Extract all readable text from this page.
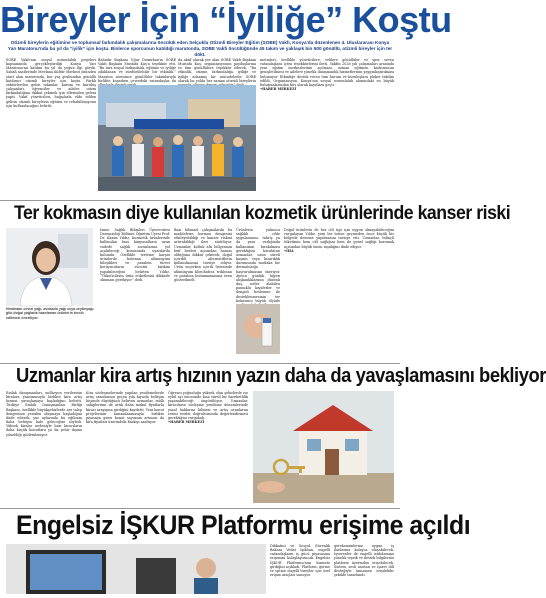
Bireyler İçin “İyiliğe” Koştu
Otizmli bireylerin eğitimine ve toplumsal farkındalık çalışmalarına öncülük eden Selçuklu Otizmli Bireyler Eğitim (SOBE) Vakfı, Konya'da düzenlenen 4. Uluslararası Konya Yarı Maratonu'nda bu yıl da “iyilik” için koştu. Binlerce sporcunun katıldığı maratonda, SOBE Vakfı öncülüğünde 45 takım ve yaklaşık bin 500 gönüllü, otizmli bireyler için ter dökt.
SOBE Vakfı'nın sosyal sorumluluk projeleri kapsamında gerçekleştirdiği Konya Yarı Maratonu'na katılım bu yıl da yoğun ilgi gördü. Sabah saatlerinde Mevlana Kültür Merkezi önünden start alan maratonda, her yaş grubundan gönüllü katılımcı otizmli bireyler için koştu. Farklı sektörlerden gelen takımlar, kurum ve kuruluş çalışanları, öğrenciler ve aileler otizm farkındalığına dikkat çekmek için ellerinden geleni yaptı. Vakıf yöneticileri, bağışlarla elde edilen gelirin otizmli bireylerin eğitimi ve rehabilitasyonu için kullanılacağını belirtti.
Bahadır Başkanı Uğur Demirkan'ın SOBE Vakfı Başkanı Mustafa Kuş'a teşekkür etti. “Bu tarz sosyal farkındalık, eğitime ve iyiliğe odaklanan ve sürdürülebilir bir etkinlik.” Maraton süresince gönüllüler takımlarıyla birlikte koşarken çevredeki vatandaşlar da
da aktif olarak yer alan SOBE Vakfı Başkanı Mustafa Kuş, organizasyonun paydaşlarına ve tüm gönüllülere teşekkür ederek, “Bu etkinlik, otizme, farkındalığa, iyiliğe ve iyiliğe adanmış bir mücadeledir. SOBE olarak bu yolda her zaman otizmli bireylerin
metinleri, özellikle yöneticilere, velilere gönüllüler ve spor seven vatandaşlara içten teşekkürlerini iletti. Vakfın 2026 yılı çalışmaları arasında yeni eğitim merkezlerinin açılması, uzman eğitmen kadrosunun genişletilmesi ve ailelere yönelik danışmanlık hizmetlerinin yaygınlaştırılması bulunuyor. Etkinliğe destek veren tüm kurum ve kuruluşlara plaket takdim edildi. Organizasyon, Konya'nın sosyal sorumluluk alanındaki en büyük buluşmalarından biri olarak kayıtlara geçti.
•HABER MERKEZİ
Ter kokmasın diye kullanılan kozmetik ürünlerinde kanser riski
Hindistan cevizi yağı, avokado yağı veya zeytinyağı gibi doğal yağlarla hazırlanan ürünlerin tercih edilmesi öneriliyor.
İzmir, Sağlık Bilimleri Üniversitesi Dermatoloji Bölümü Öğretim Üyesi Prof. Dr. Kazım Yıldız, kozmetik ürünlerinde kullanılan bazı kimyasalların uzun vadede sağlık sorunlarına yol açabileceği konusunda uyarılarda bulundu. Özellikle terleme karşıtı ürünlerde bulunan alüminyum bileşikleri ve paraben türevi koruyucuların vücutta birikim yapabileceğini belirten Yıldız, “Tüketicilerin ürün etiketlerini dikkatle okuması gerekiyor” dedi.
Bazı bilimsel çalışmalarda bu maddelerin hormon dengesini etkileyebildiği ve kanser riskini artırabildiği ileri sürülüyor. Uzmanlar, koltuk altı bölgesinin lenf bezleri açısından hassas olduğuna dikkat çekerek, doğal içerikli alternatiflerin kullanılmasını tavsiye ediyor. Ürün seçerken içerik listesinde alüminyum klorohidrat, triklosan ve paraben bulunmamasına özen gösterilmeli.
Ürünlerin yalnızca sağlıklı cilde uygulanması, tahriş ya da yara varlığında kullanımın bırakılması gerektiğini hatırlatan uzmanlar, uzun süreli kaşıntı veya kızarıklık durumunda mutlaka bir dermatoloğa başvurulmasını öneriyor. Ayrıca günlük hijyen alışkanlıklarının düzenli duş, nefes alabilen pamuklu kıyafetler ve dengeli beslenme ile desteklenmesinin ter kokusunu büyük ölçüde
Doğal ürünlerin de her cilt tipi için uygun olmayabileceğini vurgulayan Yıldız, yeni bir ürüne geçmeden önce küçük bir bölgede deneme yapılmasını tavsiye etti. Uzmanlar, bilinçli tüketimin hem cilt sağlığını hem de genel sağlığı korumak açısından büyük önem taşıdığını ifade ediyor.
•İHA
Uzmanlar kira artış hızının yazın daha da yavaşlamasını bekliyor
Emlak danışmanları, enflasyon verilerinin kiralara yansımasıyla birlikte kira artış hızının yavaşlamaya başladığını belirtti. Türkiye Emlak Danışmanları Birliği Başkanı, özellikle büyükşehirlerde arz talep dengesinin yeniden oluşmaya başladığını ifade ederek, yaz aylarında bu eğilimin daha belirgin hale geleceğini söyledi. Yüksek kiralar nedeniyle bazı kiracıların daha küçük konutlara ya da şehir dışına yöneldiği gözlemleniyor.
Kira sözleşmelerinde yapılan yenilemelerde artış oranlarının geçen yıla kıyasla belirgin biçimde düştüğünü belirten uzmanlar, mülk sahiplerinin de artık daha makul fiyatlarla kiracı arayışına girdiğini kaydetti. Yeni konut projelerinin tamamlanmasıyla birlikte piyasaya giren konut sayısının artması da kira fiyatları üzerindeki baskıyı azaltıyor.
Öğrenci yoğunluğu yüksek olan şehirlerde ise eylül ayı öncesinde kısa süreli bir hareketlilik yaşanabileceği öngörülüyor. Uzmanlar, kiracıların sözleşme yenileme dönemlerinde yasal haklarını bilmesi ve artış oranlarını resmi veriler doğrultusunda değerlendirmesi gerektiğini vurguladı.
•HABER MERKEZİ
Engelsiz İŞKUR Platformu erişime açıldı
Dikkatini ve Sosyal Güvenlik Bakanı Vedat Işıkhan, engelli vatandaşların iş gücü piyasasına erişimini kolaylaştıracak Engelsiz İŞKUR Platformu'nun hizmete girdiğini açıkladı. Platform, görme ve işitme engelli bireyler için özel erişim araçları sunuyor.
gereksinimlerine uygun iş ilanlarına kolayca ulaşabilecek. İşverenler de engelli istihdamına yönelik teşvik ve destek bilgilerine platform üzerinden erişebilecek. Sistem, sesli asistan ve işaret dili desteğiyle tamamen erişilebilir şekilde tasarlandı.
